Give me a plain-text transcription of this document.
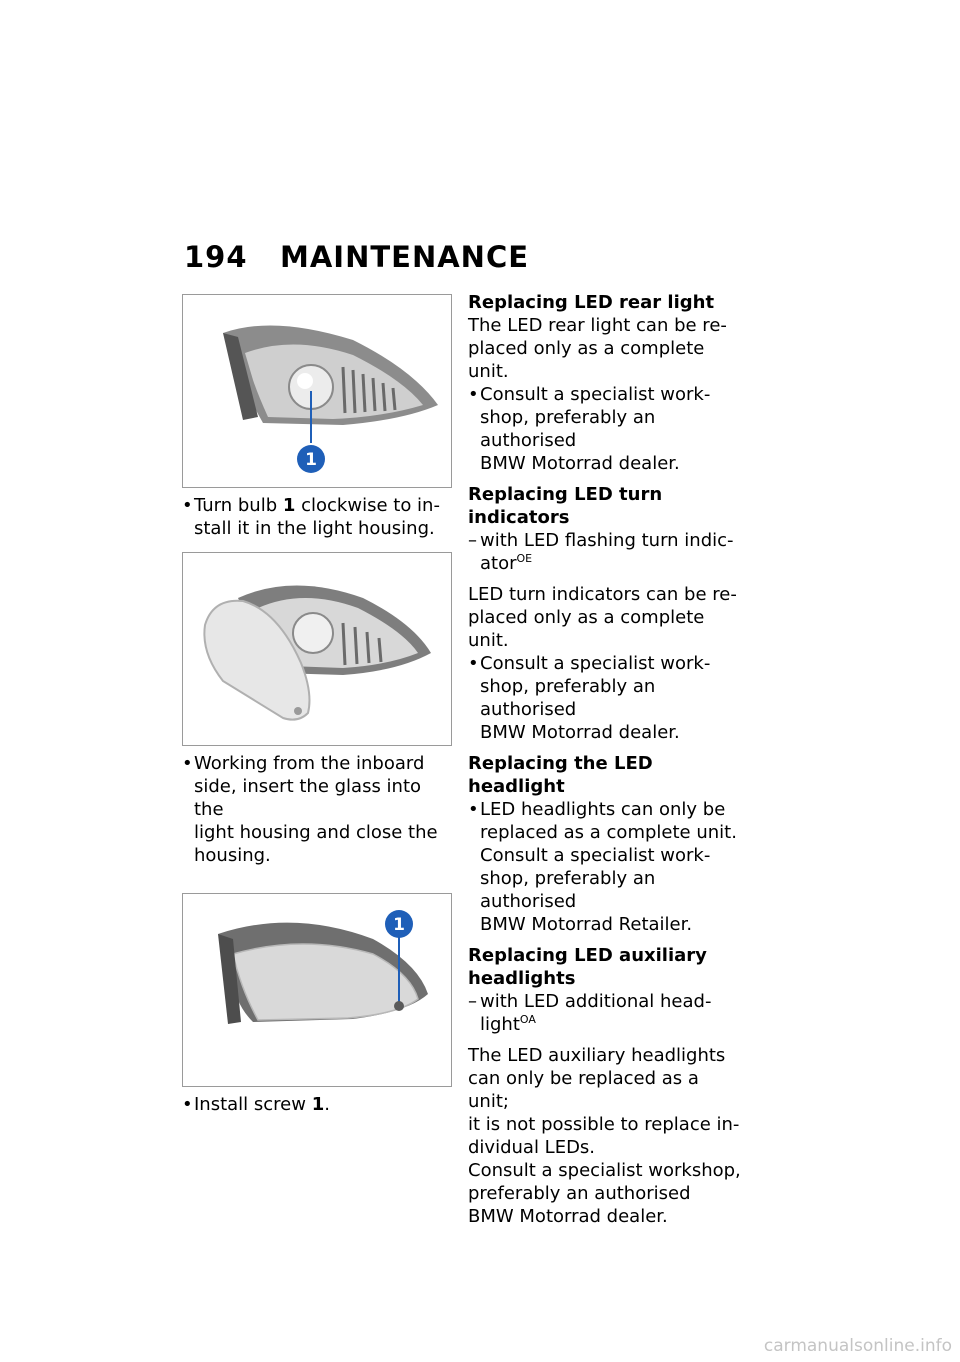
194 MAINTENANCE
1

• Turn bulb 1 clockwise to in-
stall it in the light housing.

• Working from the inboard
side, insert the glass into the
light housing and close the
housing.

1

• Install screw 1.

Replacing LED rear light

The LED rear light can be re-
placed only as a complete unit.

• Consult a specialist work-
shop, preferably an authorised
BMW Motorrad dealer.

Replacing LED turn indicators

– with LED flashing turn indic-
ator$^{OE}$

LED turn indicators can be re-
placed only as a complete unit.

• Consult a specialist work-
shop, preferably an authorised
BMW Motorrad dealer.

Replacing the LED headlight

• LED headlights can only be
replaced as a complete unit.
Consult a specialist work-
shop, preferably an authorised
BMW Motorrad Retailer.

Replacing LED auxiliary
headlights

– with LED additional head-
light$^{OA}$

The LED auxiliary headlights
can only be replaced as a unit;
it is not possible to replace in-
dividual LEDs.

Consult a specialist workshop,
preferably an authorised
BMW Motorrad dealer.

carmanualsonline.info
